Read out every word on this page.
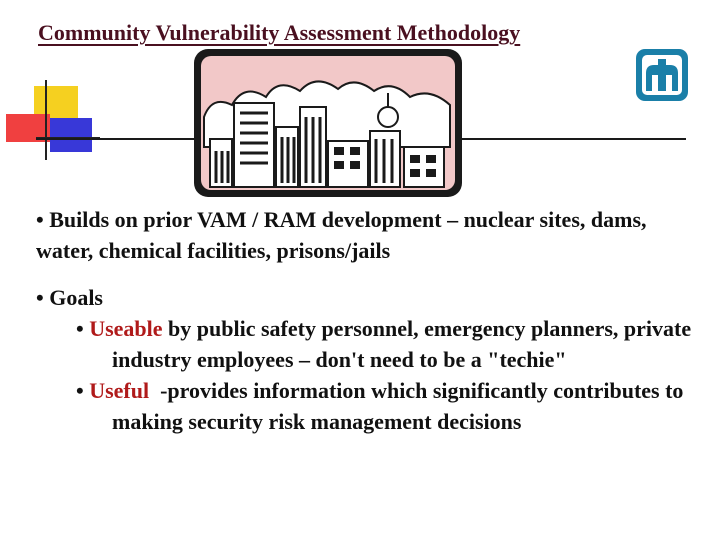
Community Vulnerability Assessment Methodology

• Builds on prior VAM / RAM development – nuclear sites, dams, water, chemical facilities, prisons/jails

• Goals

• Useable by public safety personnel, emergency planners, private industry employees – don't need to be a "techie"
• Useful  -provides information which significantly contributes to making security risk management decisions
